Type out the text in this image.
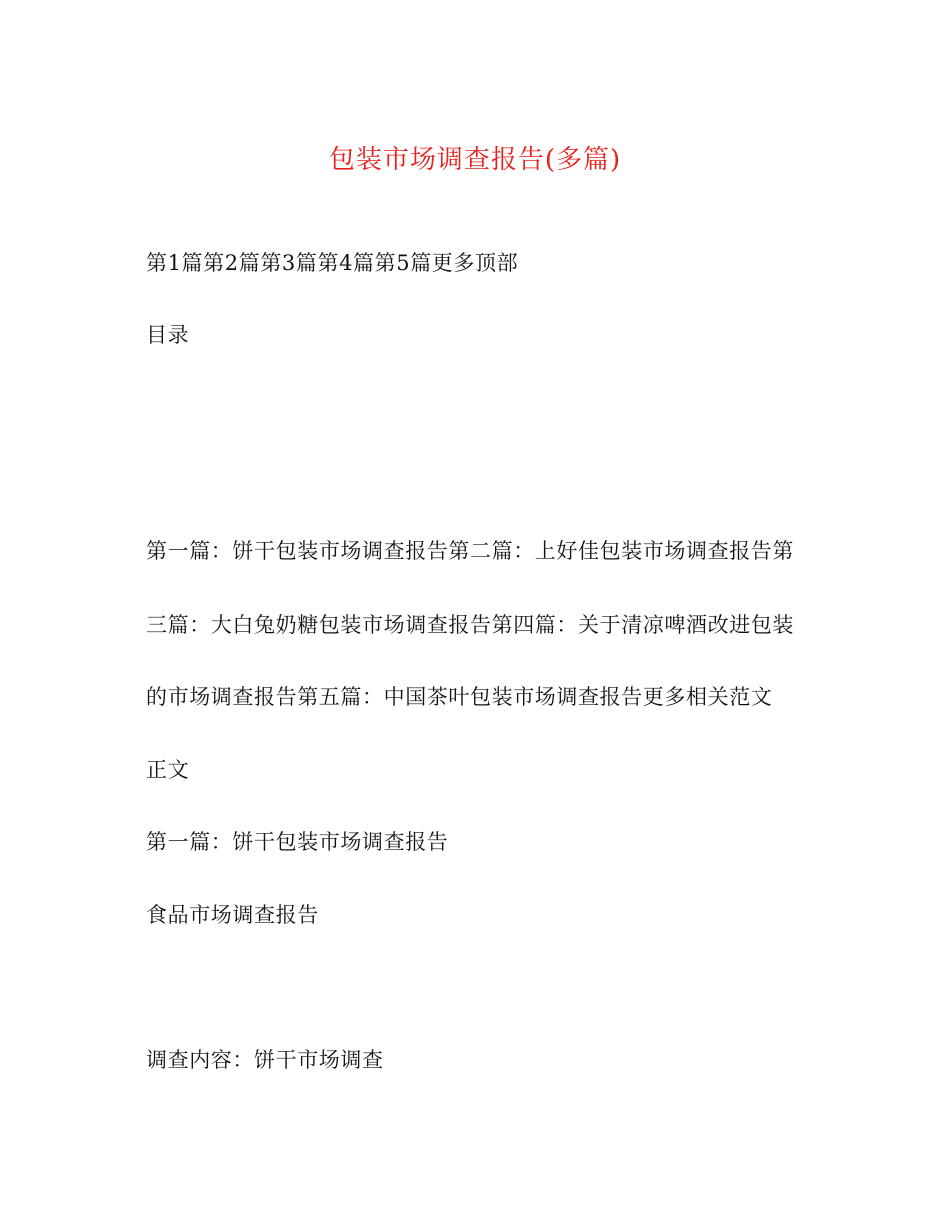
包装市场调查报告(多篇)
第1篇第2篇第3篇第4篇第5篇更多顶部
目录
第一篇：饼干包装市场调查报告第二篇：上好佳包装市场调查报告第
三篇：大白兔奶糖包装市场调查报告第四篇：关于清凉啤酒改进包装
的市场调查报告第五篇：中国茶叶包装市场调查报告更多相关范文
正文
第一篇：饼干包装市场调查报告
食品市场调查报告
调查内容：饼干市场调查
